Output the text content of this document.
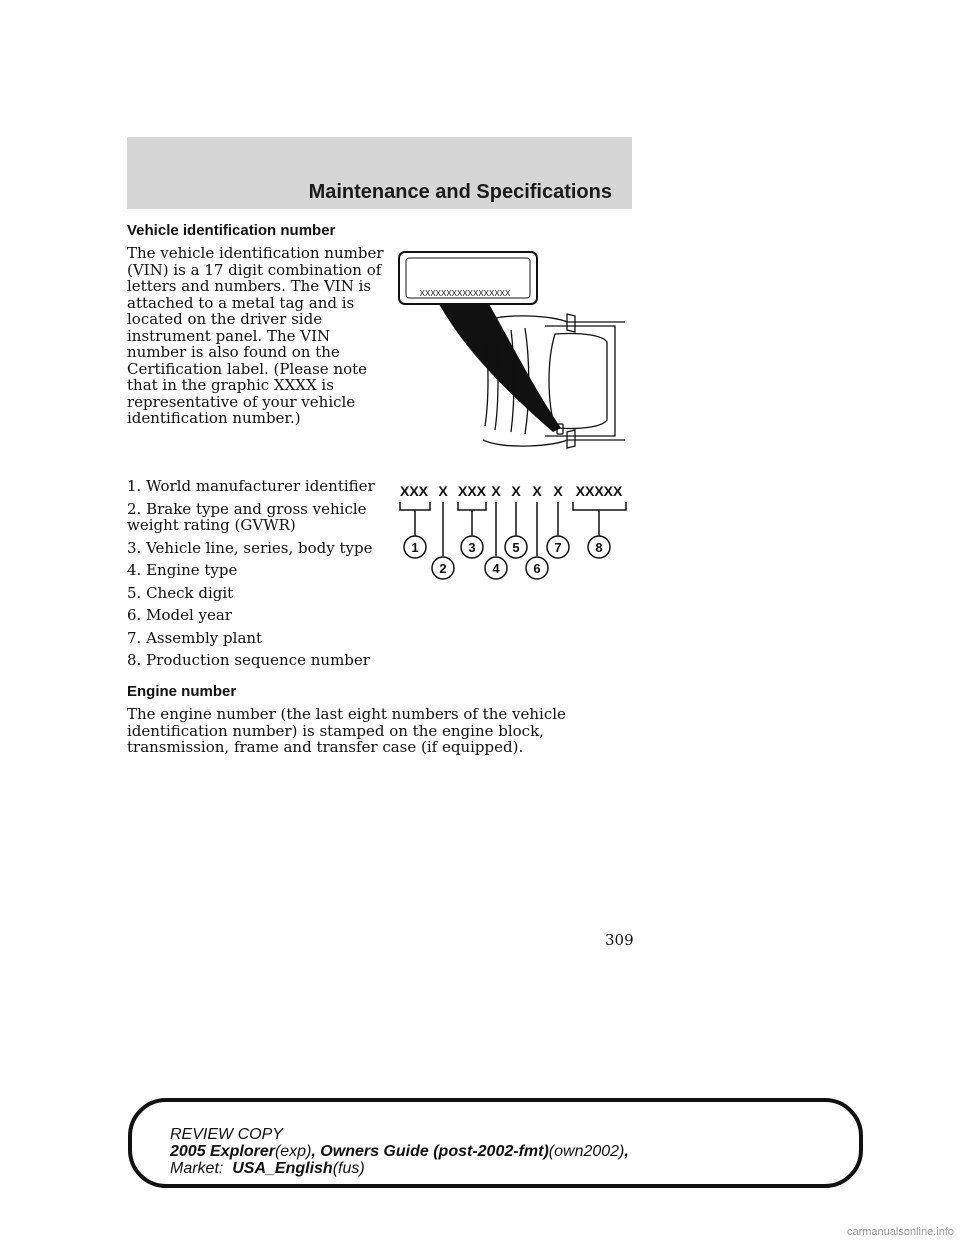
Maintenance and Specifications
Vehicle identification number

The vehicle identification number (VIN) is a 17 digit combination of letters and numbers. The VIN is attached to a metal tag and is located on the driver side instrument panel. The VIN number is also found on the Certification label. (Please note that in the graphic XXXX is representative of your vehicle identification number.)

XXXXXXXXXXXXXXXXX
XXX X XXX X X X X XXXXX
1
2
3
4
5
6
7	8
1. World manufacturer identifier
2. Brake type and gross vehicle weight rating (GVWR)
3. Vehicle line, series, body type
4. Engine type
5. Check digit
6. Model year
7. Assembly plant
8. Production sequence number
Engine number

The engine number (the last eight numbers of the vehicle identification number) is stamped on the engine block, transmission, frame and transfer case (if equipped).

309
REVIEW COPY
2005 Explorer(exp), Owners Guide (post-2002-fmt)(own2002),
Market: USA_English(fus)
carmanualsonline.info
